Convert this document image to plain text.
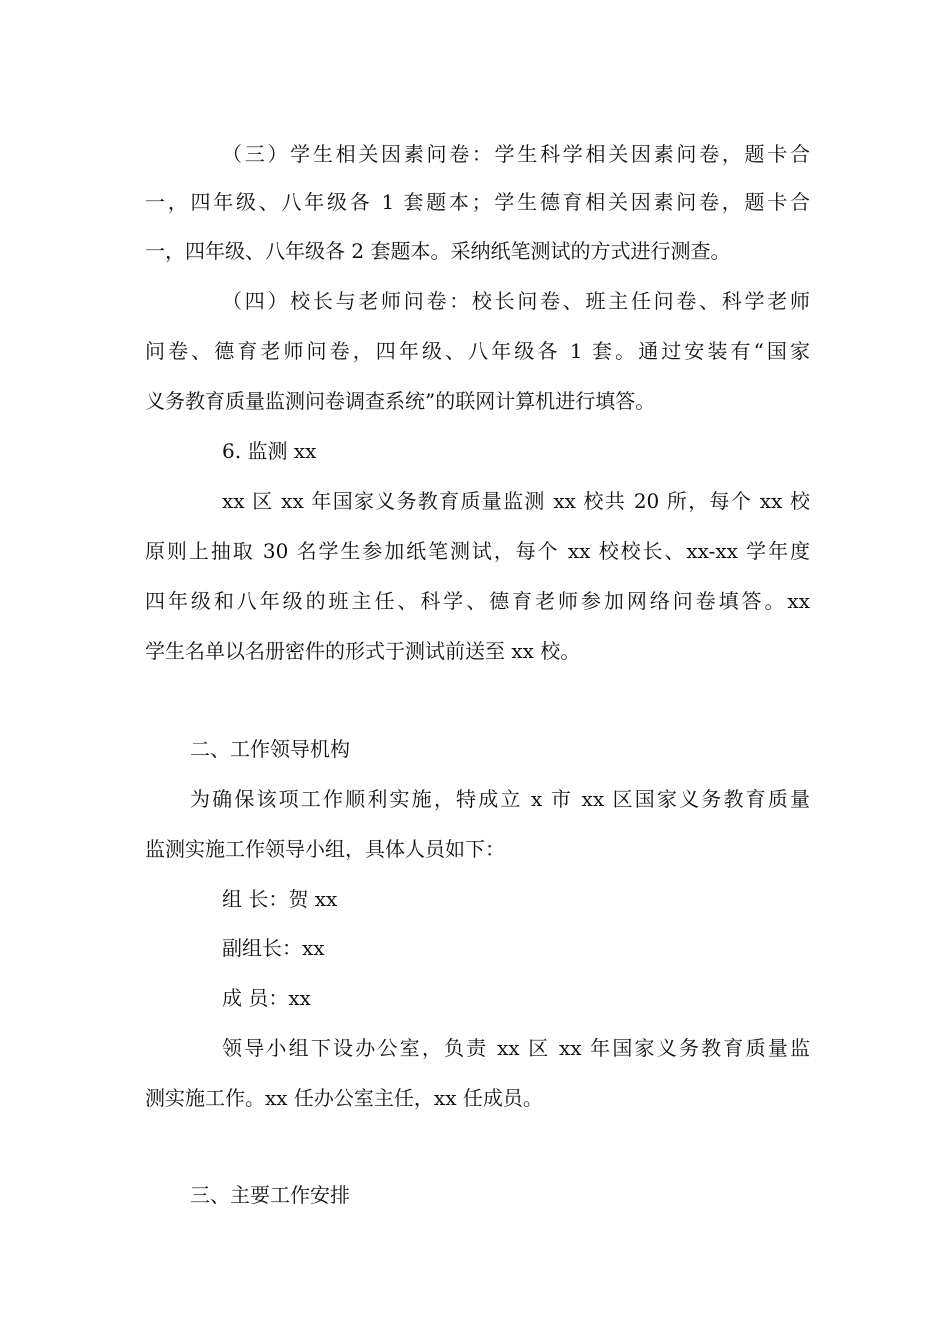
（三）学生相关因素问卷：学生科学相关因素问卷，题卡合
一，四年级、八年级各 1 套题本；学生德育相关因素问卷，题卡合
一，四年级、八年级各 2 套题本。采纳纸笔测试的方式进行测查。
（四）校长与老师问卷：校长问卷、班主任问卷、科学老师
问卷、德育老师问卷，四年级、八年级各 1 套。通过安装有“国家
义务教育质量监测问卷调查系统”的联网计算机进行填答。
6. 监测 xx
xx 区 xx 年国家义务教育质量监测 xx 校共 20 所，每个 xx 校
原则上抽取 30 名学生参加纸笔测试，每个 xx 校校长、xx-xx 学年度
四年级和八年级的班主任、科学、德育老师参加网络问卷填答。xx
学生名单以名册密件的形式于测试前送至 xx 校。
二、工作领导机构
为确保该项工作顺利实施，特成立 x 市 xx 区国家义务教育质量
监测实施工作领导小组，具体人员如下：
组 长：贺 xx
副组长：xx
成 员：xx
领导小组下设办公室，负责 xx 区 xx 年国家义务教育质量监
测实施工作。xx 任办公室主任，xx 任成员。
三、主要工作安排
